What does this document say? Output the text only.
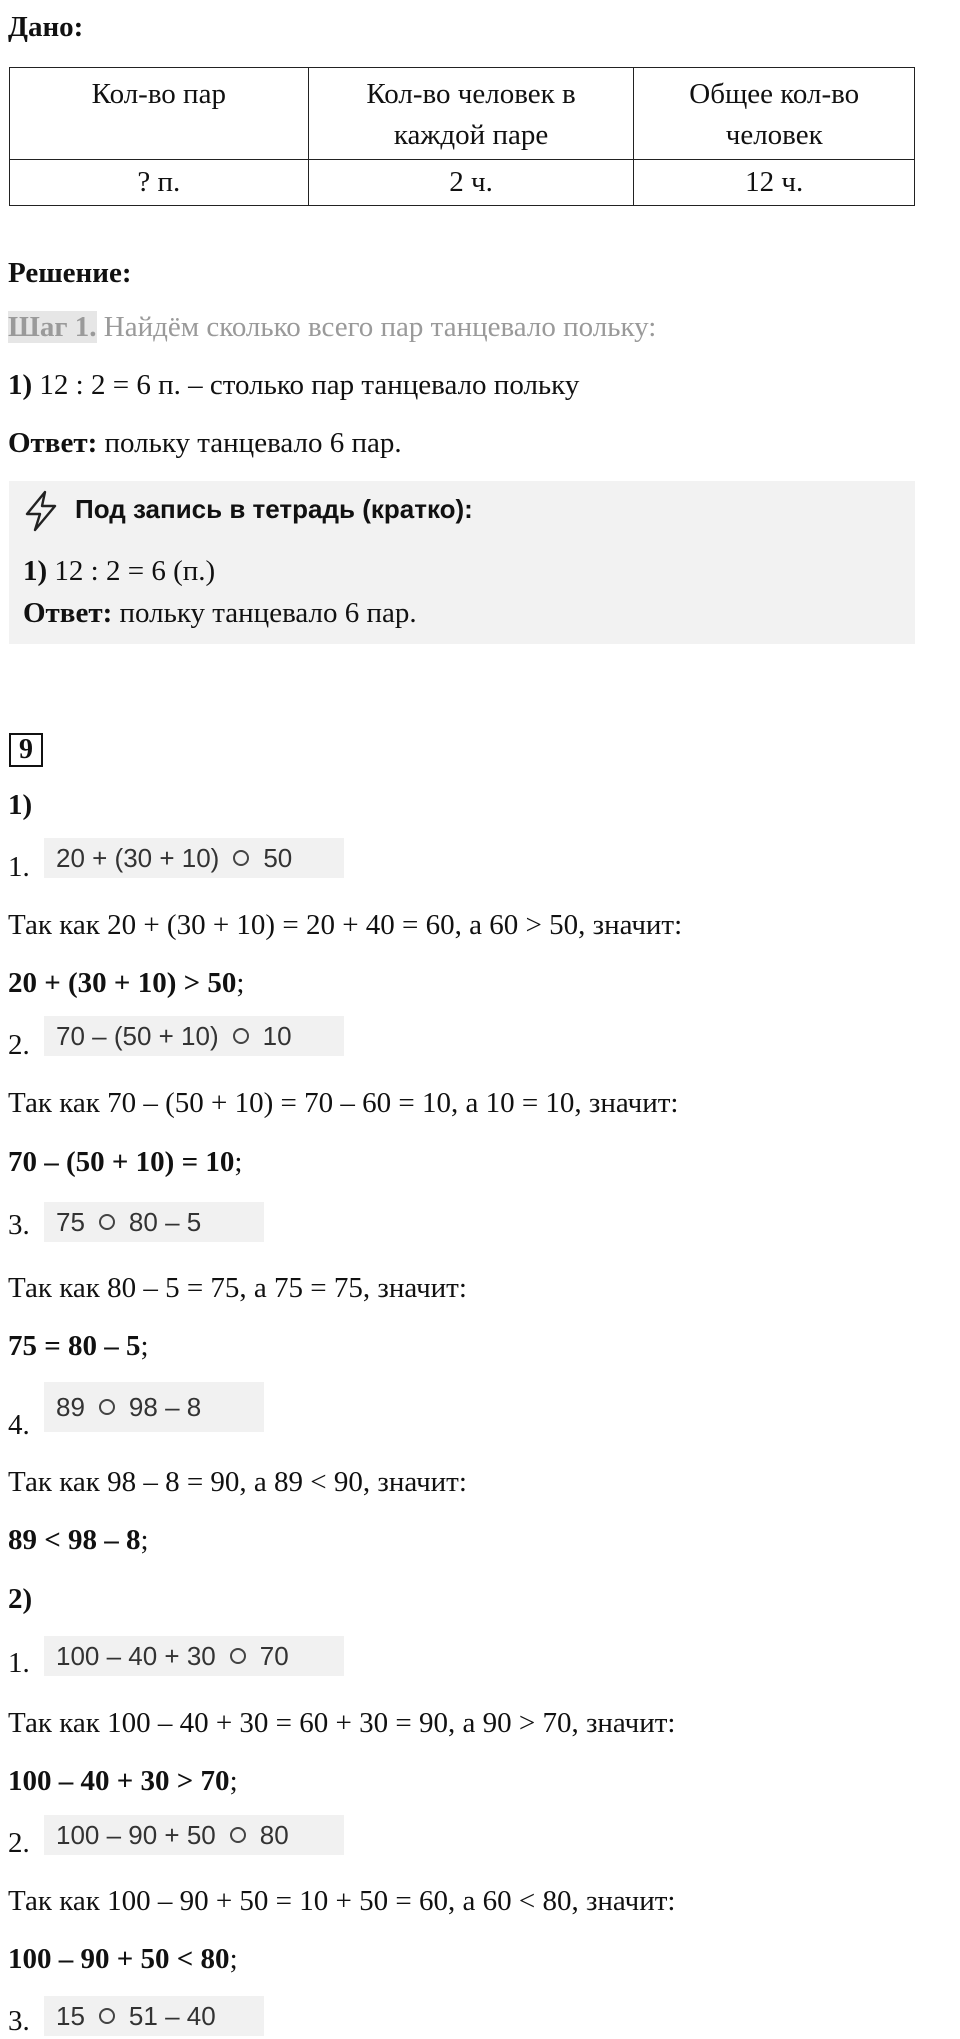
Дано:
Кол-во пар	Кол-во человек в каждой паре	Общее кол-во человек
? п.	2 ч.	12 ч.
Решение:
Шаг 1. Найдём сколько всего пар танцевало польку:
1) 12 : 2 = 6 п. – столько пар танцевало польку
Ответ: польку танцевало 6 пар.
Под запись в тетрадь (кратко):
1) 12 : 2 = 6 (п.)
Ответ: польку танцевало 6 пар.
9
1)
1. 20 + (30 + 10) 50
Так как 20 + (30 + 10) = 20 + 40 = 60, а 60 > 50, значит:
20 + (30 + 10) > 50;
2. 70 – (50 + 10) 10
Так как 70 – (50 + 10) = 70 – 60 = 10, а 10 = 10, значит:
70 – (50 + 10) = 10;
3. 75 80 – 5
Так как 80 – 5 = 75, а 75 = 75, значит:
75 = 80 – 5;
4.
89 98 – 8
Так как 98 – 8 = 90, а 89 < 90, значит:
89 < 98 – 8;
2)
1. 100 – 40 + 30 70
Так как 100 – 40 + 30 = 60 + 30 = 90, а 90 > 70, значит:
100 – 40 + 30 > 70;
2. 100 – 90 + 50 80
Так как 100 – 90 + 50 = 10 + 50 = 60, а 60 < 80, значит:
100 – 90 + 50 < 80;
3. 15 51 – 40
